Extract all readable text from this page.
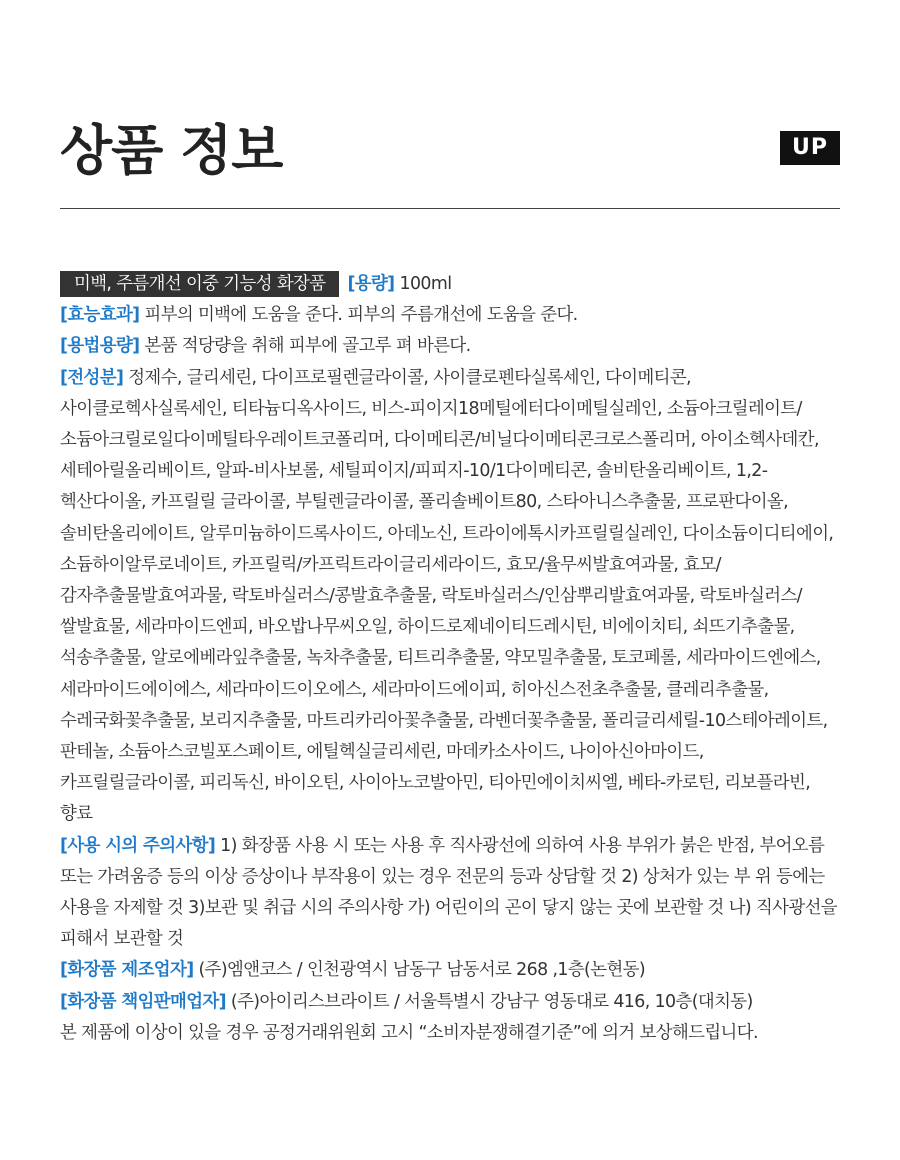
상품 정보	UP

미백, 주름개선 이중 기능성 화장품 [용량] 100ml

[효능효과] 피부의 미백에 도움을 준다. 피부의 주름개선에 도움을 준다.

[용법용량] 본품 적당량을 취해 피부에 골고루 펴 바른다.

[전성분] 정제수, 글리세린, 다이프로필렌글라이콜, 사이클로펜타실록세인, 다이메티콘, 사이클로헥사실록세인, 티타늄디옥사이드, 비스-피이지18메틸에터다이메틸실레인, 소듐아크릴레이트/소듐아크릴로일다이메틸타우레이트코폴리머, 다이메티콘/비닐다이메티콘크로스폴리머, 아이소헥사데칸, 세테아릴올리베이트, 알파-비사보롤, 세틸피이지/피피지-10/1다이메티콘, 솔비탄올리베이트, 1,2-헥산다이올, 카프릴릴 글라이콜, 부틸렌글라이콜, 폴리솔베이트80, 스타아니스추출물, 프로판다이올, 솔비탄올리에이트, 알루미늄하이드록사이드, 아데노신, 트라이에톡시카프릴릴실레인, 다이소듐이디티에이, 소듐하이알루로네이트, 카프릴릭/카프릭트라이글리세라이드, 효모/율무씨발효여과물, 효모/감자추출물발효여과물, 락토바실러스/콩발효추출물, 락토바실러스/인삼뿌리발효여과물, 락토바실러스/쌀발효물, 세라마이드엔피, 바오밥나무씨오일, 하이드로제네이티드레시틴, 비에이치티, 쇠뜨기추출물, 석송추출물, 알로에베라잎추출물, 녹차추출물, 티트리추출물, 약모밀추출물, 토코페롤, 세라마이드엔에스, 세라마이드에이에스, 세라마이드이오에스, 세라마이드에이피, 히아신스전초추출물, 클레리추출물, 수레국화꽃추출물, 보리지추출물, 마트리카리아꽃추출물, 라벤더꽃추출물, 폴리글리세릴-10스테아레이트, 판테놀, 소듐아스코빌포스페이트, 에틸헥실글리세린, 마데카소사이드, 나이아신아마이드, 카프릴릴글라이콜, 피리독신, 바이오틴, 사이아노코발아민, 티아민에이치씨엘, 베타-카로틴, 리보플라빈, 향료

[사용 시의 주의사항] 1) 화장품 사용 시 또는 사용 후 직사광선에 의하여 사용 부위가 붉은 반점, 부어오름 또는 가려움증 등의 이상 증상이나 부작용이 있는 경우 전문의 등과 상담할 것 2) 상처가 있는 부 위 등에는 사용을 자제할 것 3)보관 및 취급 시의 주의사항 가) 어린이의 곤이 닿지 않는 곳에 보관할 것 나) 직사광선을 피해서 보관할 것

[화장품 제조업자] (주)엠앤코스 / 인천광역시 남동구 남동서로 268 ,1층(논현동)

[화장품 책임판매업자] (주)아이리스브라이트 / 서울특별시 강남구 영동대로 416, 10층(대치동)

본 제품에 이상이 있을 경우 공정거래위원회 고시 “소비자분쟁해결기준”에 의거 보상해드립니다.
